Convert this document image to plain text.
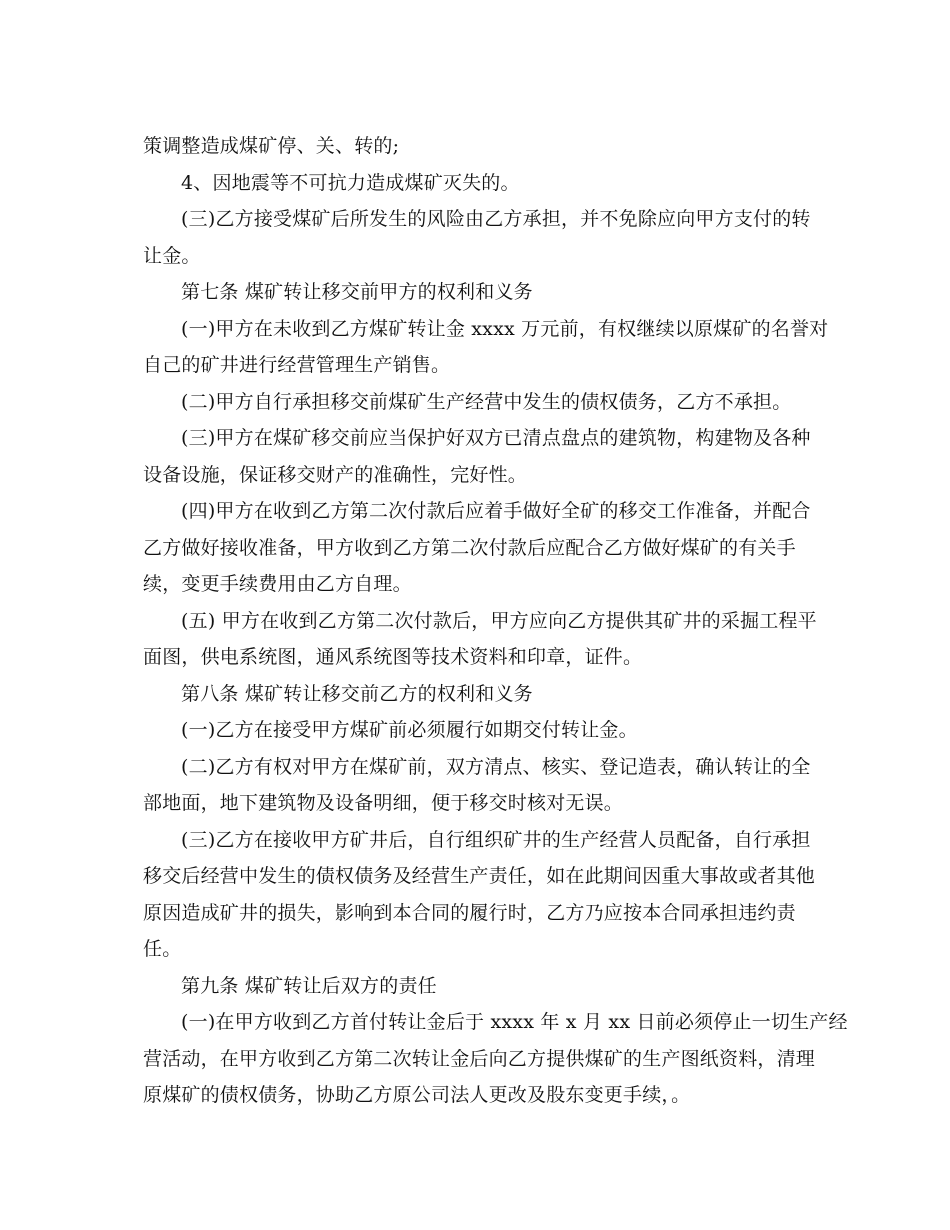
策调整造成煤矿停、关、转的;

4、因地震等不可抗力造成煤矿灭失的。

(三)乙方接受煤矿后所发生的风险由乙方承担，并不免除应向甲方支付的转

让金。

第七条 煤矿转让移交前甲方的权利和义务

(一)甲方在未收到乙方煤矿转让金 xxxx 万元前，有权继续以原煤矿的名誉对

自己的矿井进行经营管理生产销售。

(二)甲方自行承担移交前煤矿生产经营中发生的债权债务，乙方不承担。

(三)甲方在煤矿移交前应当保护好双方已清点盘点的建筑物，构建物及各种

设备设施，保证移交财产的准确性，完好性。

(四)甲方在收到乙方第二次付款后应着手做好全矿的移交工作准备，并配合

乙方做好接收准备，甲方收到乙方第二次付款后应配合乙方做好煤矿的有关手

续，变更手续费用由乙方自理。

(五) 甲方在收到乙方第二次付款后，甲方应向乙方提供其矿井的采掘工程平

面图，供电系统图，通风系统图等技术资料和印章，证件。

第八条 煤矿转让移交前乙方的权利和义务

(一)乙方在接受甲方煤矿前必须履行如期交付转让金。

(二)乙方有权对甲方在煤矿前，双方清点、核实、登记造表，确认转让的全

部地面，地下建筑物及设备明细，便于移交时核对无误。

(三)乙方在接收甲方矿井后，自行组织矿井的生产经营人员配备，自行承担

移交后经营中发生的债权债务及经营生产责任，如在此期间因重大事故或者其他

原因造成矿井的损失，影响到本合同的履行时，乙方乃应按本合同承担违约责

任。

第九条 煤矿转让后双方的责任

(一)在甲方收到乙方首付转让金后于 xxxx 年 x 月 xx 日前必须停止一切生产经

营活动，在甲方收到乙方第二次转让金后向乙方提供煤矿的生产图纸资料，清理

原煤矿的债权债务，协助乙方原公司法人更改及股东变更手续，。
